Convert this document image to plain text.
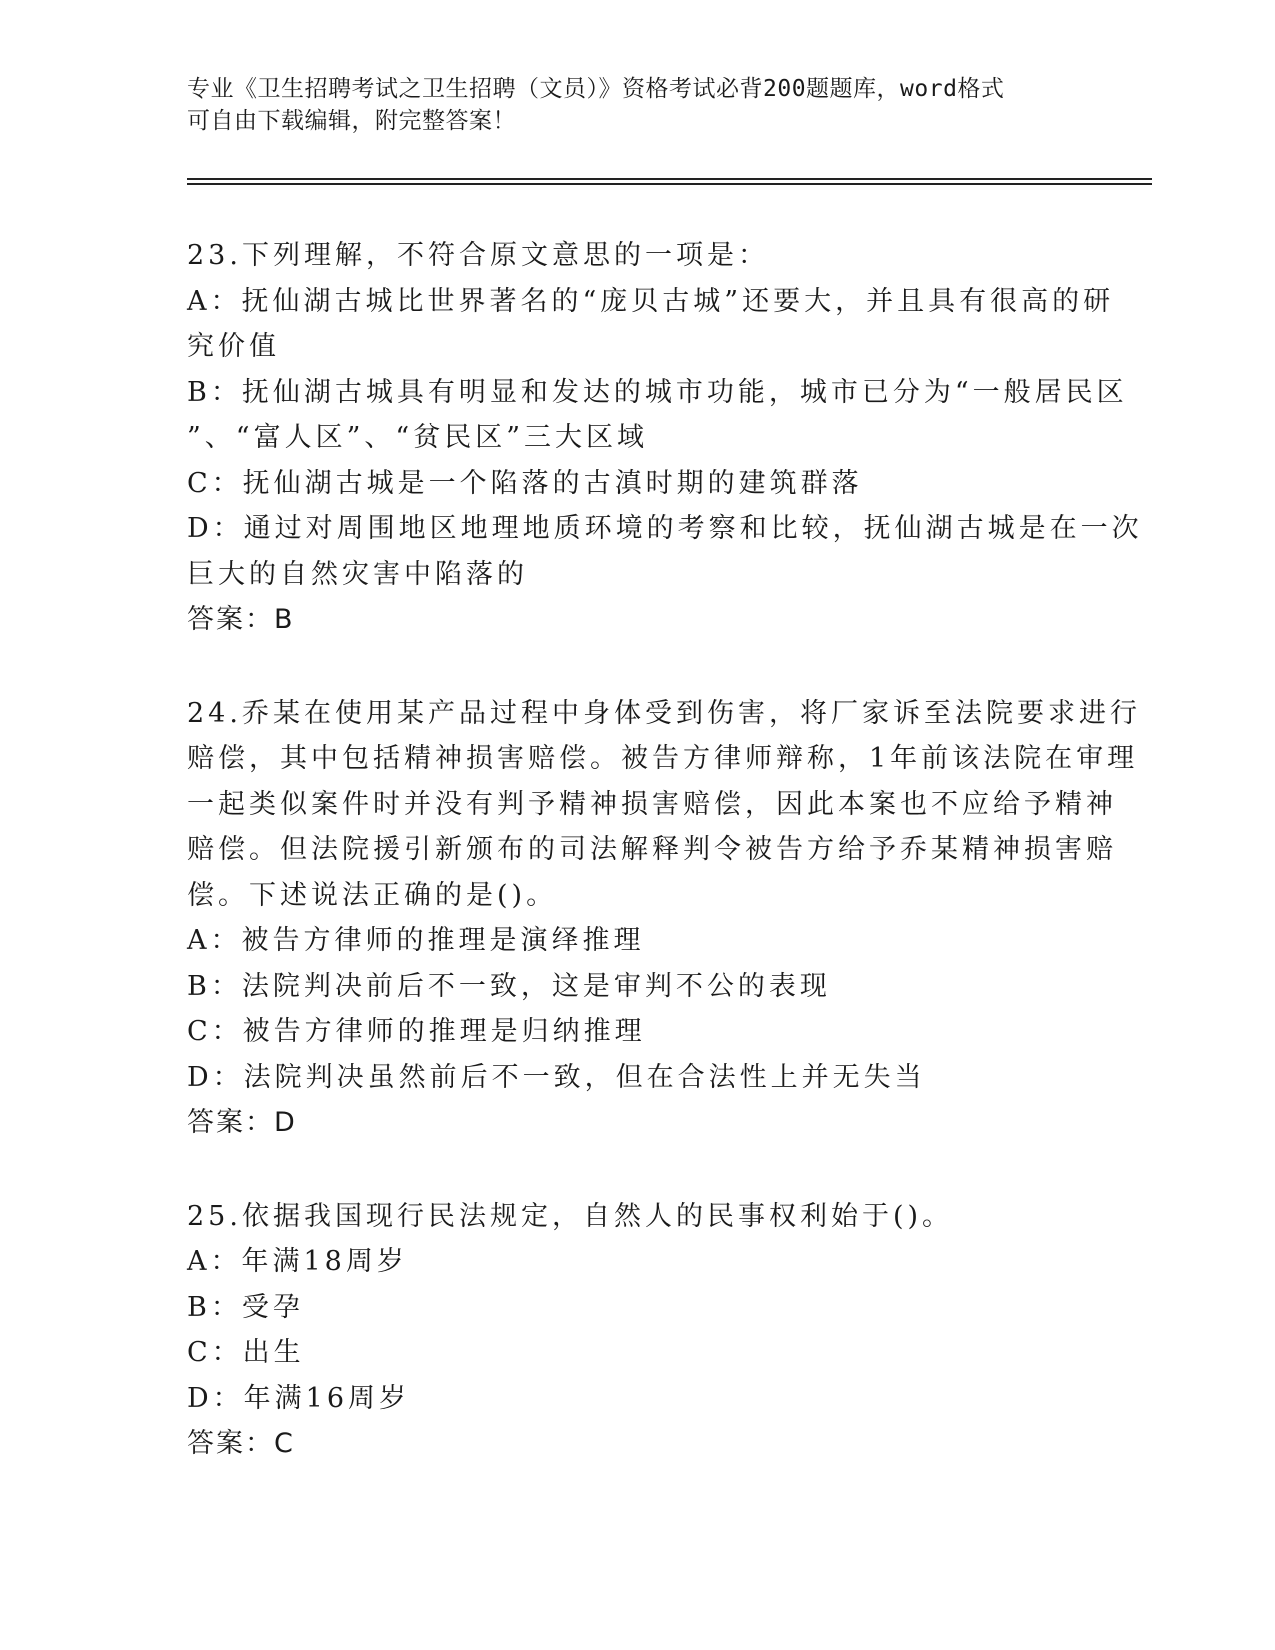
专业《卫生招聘考试之卫生招聘（文员）》资格考试必背200题题库，word格式
可自由下载编辑，附完整答案！
23.下列理解，不符合原文意思的一项是：
A：抚仙湖古城比世界著名的“庞贝古城”还要大，并且具有很高的研
究价值
B：抚仙湖古城具有明显和发达的城市功能，城市已分为“一般居民区
”、“富人区”、“贫民区”三大区域
C：抚仙湖古城是一个陷落的古滇时期的建筑群落
D：通过对周围地区地理地质环境的考察和比较，抚仙湖古城是在一次
巨大的自然灾害中陷落的
答案：B
24.乔某在使用某产品过程中身体受到伤害，将厂家诉至法院要求进行
赔偿，其中包括精神损害赔偿。被告方律师辩称，1年前该法院在审理
一起类似案件时并没有判予精神损害赔偿，因此本案也不应给予精神
赔偿。但法院援引新颁布的司法解释判令被告方给予乔某精神损害赔
偿。下述说法正确的是()。
A：被告方律师的推理是演绎推理
B：法院判决前后不一致，这是审判不公的表现
C：被告方律师的推理是归纳推理
D：法院判决虽然前后不一致，但在合法性上并无失当
答案：D
25.依据我国现行民法规定，自然人的民事权利始于()。
A：年满18周岁
B：受孕
C：出生
D：年满16周岁
答案：C
